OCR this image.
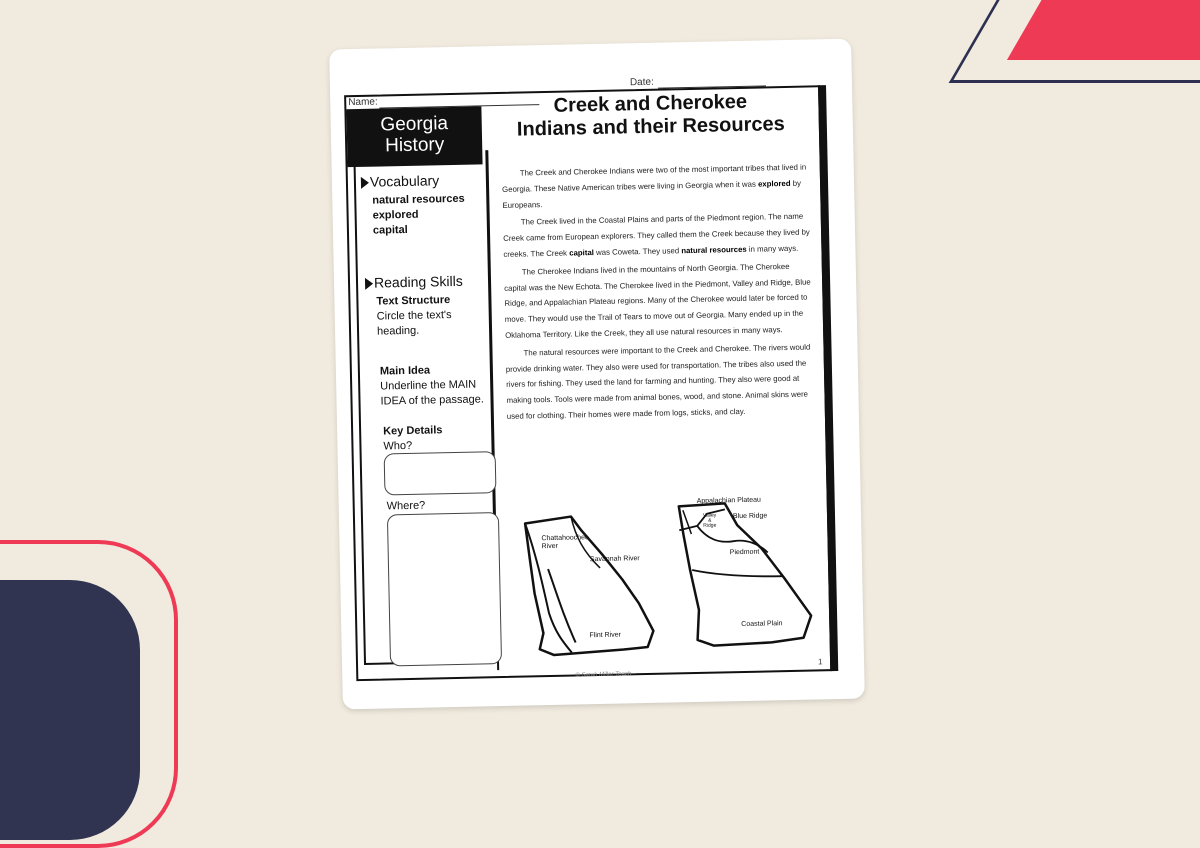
Date:
Name:
Georgia
History
Vocabulary
natural resources
explored
capital
Reading Skills
Text Structure
Circle the text's heading.
Main Idea
Underline the MAIN IDEA of the passage.
Key Details
Who?
Where?
Creek and Cherokee
Indians and their Resources

The Creek and Cherokee Indians were two of the most important tribes that lived in Georgia. These Native American tribes were living in Georgia when it was explored by Europeans.

The Creek lived in the Coastal Plains and parts of the Piedmont region. The name Creek came from European explorers. They called them the Creek because they lived by creeks. The Creek capital was Coweta. They used natural resources in many ways.

The Cherokee Indians lived in the mountains of North Georgia. The Cherokee capital was the New Echota. The Cherokee lived in the Piedmont, Valley and Ridge, Blue Ridge, and Appalachian Plateau regions. Many of the Cherokee would later be forced to move. They would use the Trail of Tears to move out of Georgia. Many ended up in the Oklahoma Territory. Like the Creek, they all use natural resources in many ways.

The natural resources were important to the Creek and Cherokee. The rivers would provide drinking water. They also were used for transportation. The tribes also used the rivers for fishing. They used the land for farming and hunting. They also were good at making tools. Tools were made from animal bones, wood, and stone. Animal skins were used for clothing. Their homes were made from logs, sticks, and clay.

Chattahoochee
River
Savannah River
Flint River
Appalachian Plateau
Valley
&
Ridge
Blue Ridge
Piedmont
Coastal Plain
© Sarah Miller Teach
1
